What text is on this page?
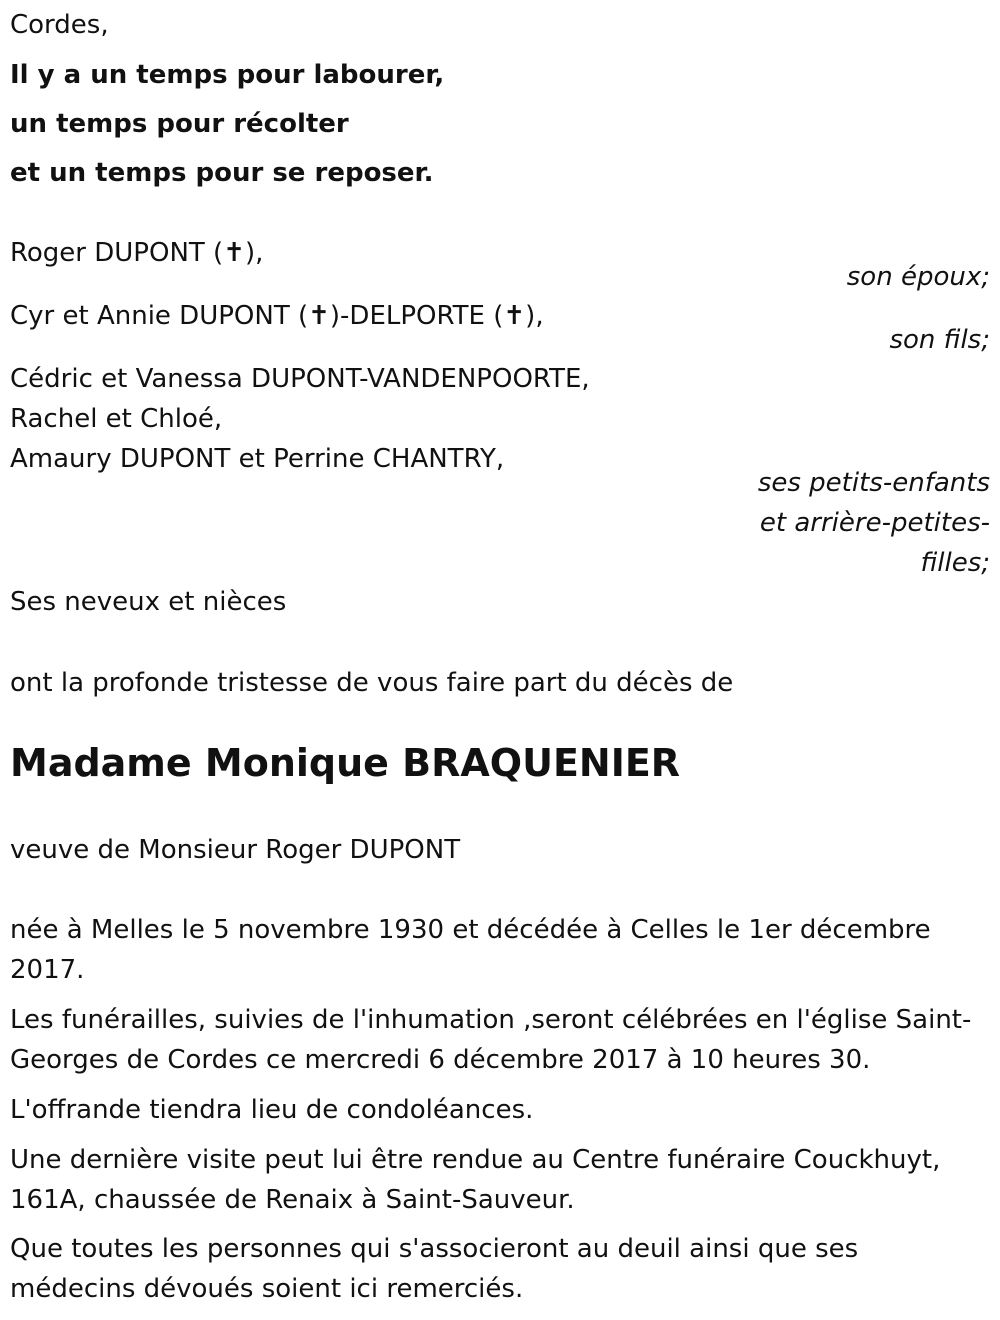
Cordes,
Il y a un temps pour labourer,
un temps pour récolter
et un temps pour se reposer.
Roger DUPONT (✝),
son époux;
Cyr et Annie DUPONT (✝)-DELPORTE (✝),
son fils;
Cédric et Vanessa DUPONT-VANDENPOORTE,
Rachel et Chloé,
Amaury DUPONT et Perrine CHANTRY,
ses petits-enfants
et arrière-petites-
filles;
Ses neveux et nièces
ont la profonde tristesse de vous faire part du décès de
Madame Monique BRAQUENIER
veuve de Monsieur Roger DUPONT
née à Melles le 5 novembre 1930 et décédée à Celles le 1er décembre 2017.
Les funérailles, suivies de l'inhumation ,seront célébrées en l'église Saint-Georges de Cordes ce mercredi 6 décembre 2017 à 10 heures 30.
L'offrande tiendra lieu de condoléances.
Une dernière visite peut lui être rendue au Centre funéraire Couckhuyt, 161A, chaussée de Renaix à Saint-Sauveur.
Que toutes les personnes qui s'associeront au deuil ainsi que ses médecins dévoués soient ici remerciés.
